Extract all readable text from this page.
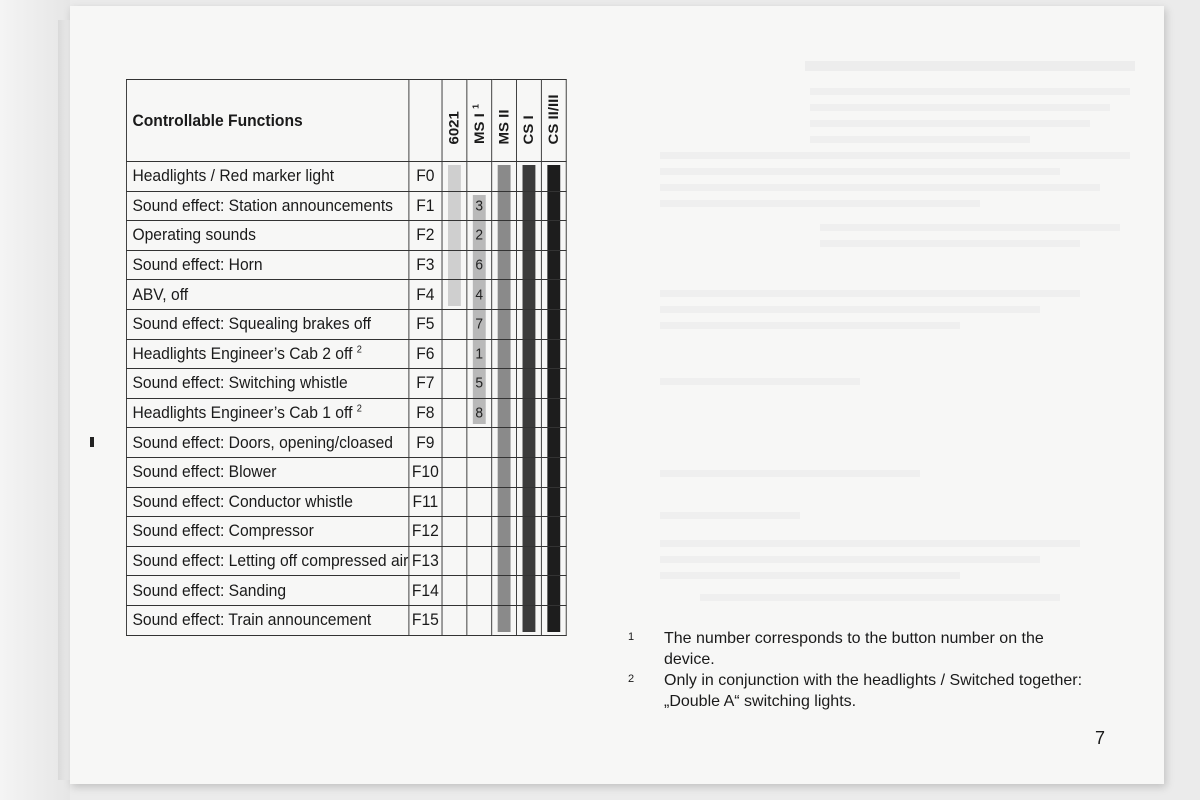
Controllable Functions		6021	MS I $^1$	MS II	CS I	CS II/III

Headlights / Red marker light	F0	

Sound effect: Station announcements	F1		3			

Operating sounds	F2		2			

Sound effect: Horn	F3		6			

ABV, off	F4		4			

Sound effect: Squealing brakes off	F5		7			

Headlights Engineer’s Cab 2 off $^2$	F6		1			

Sound effect: Switching whistle	F7		5			

Headlights Engineer’s Cab 1 off $^2$	F8		8			

Sound effect: Doors, opening/cloased	F9			

Sound effect: Blower	F10			

Sound effect: Conductor whistle	F11			

Sound effect: Compressor	F12			

Sound effect: Letting off compressed air	F13			

Sound effect: Sanding	F14			

Sound effect: Train announcement	F15			

1	The number corresponds to the button number on the device.
2	Only in conjunction with the headlights / Switched together: „Double A“ switching lights.
7
